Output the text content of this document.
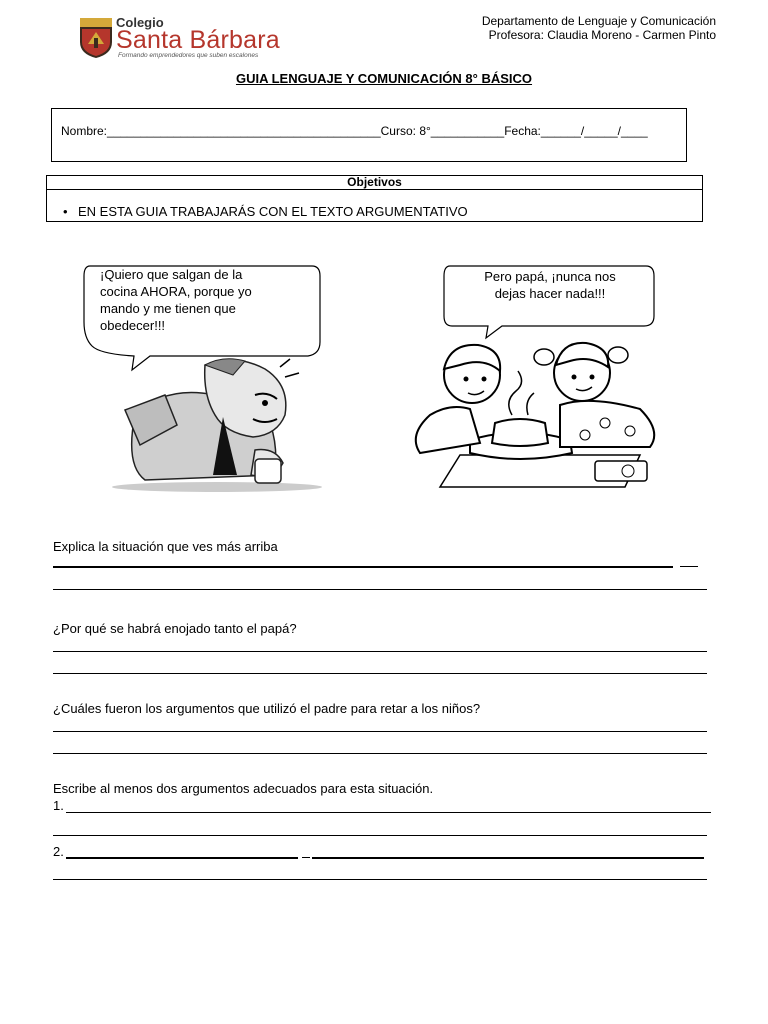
Colegio
Santa Bárbara
Formando emprendedores que suben escalones
Departamento de Lenguaje y Comunicación
Profesora: Claudia Moreno - Carmen Pinto
GUIA LENGUAJE Y COMUNICACIÓN 8° BÁSICO
Nombre:_________________________________________Curso: 8°___________Fecha:______/_____/____
Objetivos
• EN ESTA GUIA TRABAJARÁS CON EL TEXTO ARGUMENTATIVO
¡Quiero que salgan de la
cocina AHORA, porque yo
mando y me tienen que
obedecer!!!
Pero papá, ¡nunca nos
dejas hacer nada!!!
Explica la situación que ves más arriba
¿Por qué se habrá enojado tanto el papá?
¿Cuáles fueron los argumentos que utilizó el padre para retar a los niños?
Escribe al menos dos argumentos adecuados para esta situación.
1.
2.
